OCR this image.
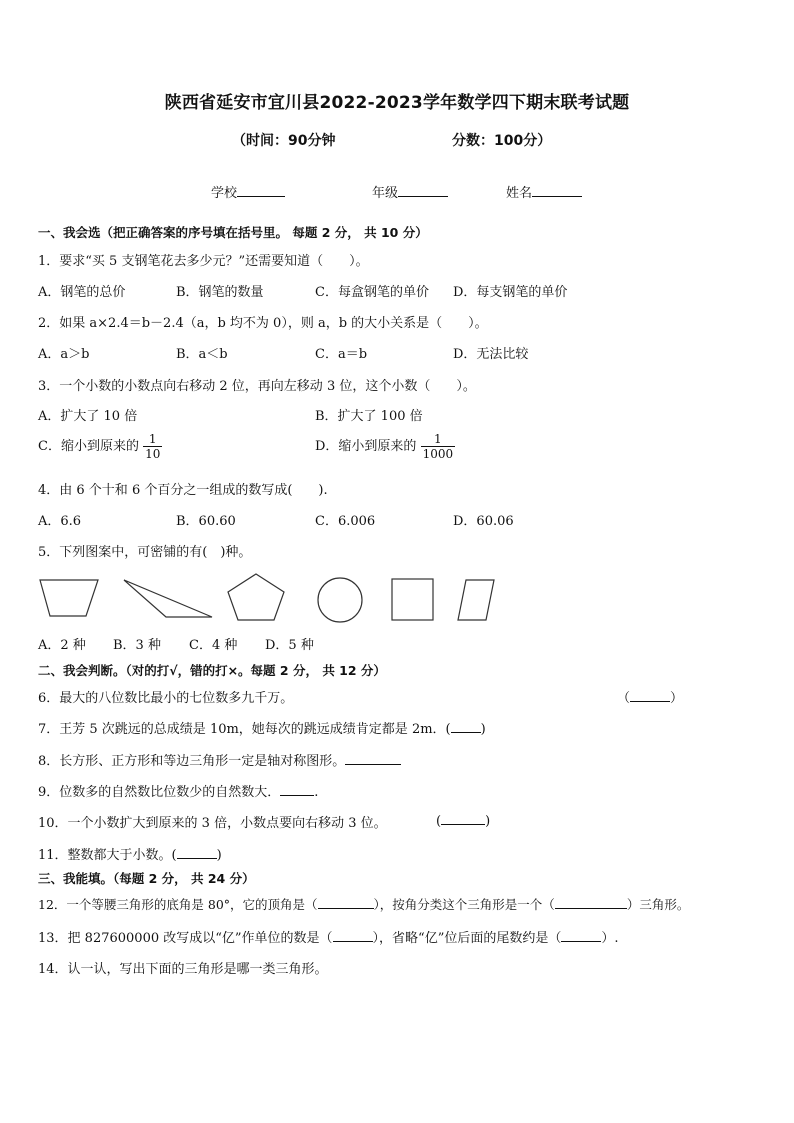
陕西省延安市宜川县2022-2023学年数学四下期末联考试题
（时间：90分钟	分数：100分）
学校	年级	姓名
一、我会选（把正确答案的序号填在括号里。 每题 2 分， 共 10 分）
1．要求“买 5 支钢笔花去多少元？”还需要知道（　　）。
A．钢笔的总价	B．钢笔的数量	C．每盒钢笔的单价 D．每支钢笔的单价
2．如果 a×2.4＝b－2.4（a，b 均不为 0），则 a，b 的大小关系是（　　）。
A．a＞b	B．a＜b	C．a＝b	D．无法比较
3．一个小数的小数点向右移动 2 位，再向左移动 3 位，这个小数（　　）。
A．扩大了 10 倍	B．扩大了 100 倍
C．缩小到原来的 $\frac{1}{10}$	D．缩小到原来的 $\frac{1}{1000}$
4．由 6 个十和 6 个百分之一组成的数写成(　　).
A．6.6	B．60.60	C．6.006	D．60.06
5．下列图案中，可密铺的有(　)种。
A．2 种 B．3 种 C．4 种 D．5 种
二、我会判断。（对的打√，错的打×。每题 2 分， 共 12 分）
6．最大的八位数比最小的七位数多九千万。	（	）
7．王芳 5 次跳远的总成绩是 10m，她每次的跳远成绩肯定都是 2m．( )
8．长方形、正方形和等边三角形一定是轴对称图形。
9．位数多的自然数比位数少的自然数大．	.
10．一个小数扩大到原来的 3 倍，小数点要向右移动 3 位。	(	)
11．整数都大于小数。(	)
三、我能填。（每题 2 分， 共 24 分）
12．一个等腰三角形的底角是 80°，它的顶角是（	），按角分类这个三角形是一个（	）三角形。
13．把 827600000 改写成以“亿”作单位的数是（	），省略“亿”位后面的尾数约是（	）.
14．认一认，写出下面的三角形是哪一类三角形。
